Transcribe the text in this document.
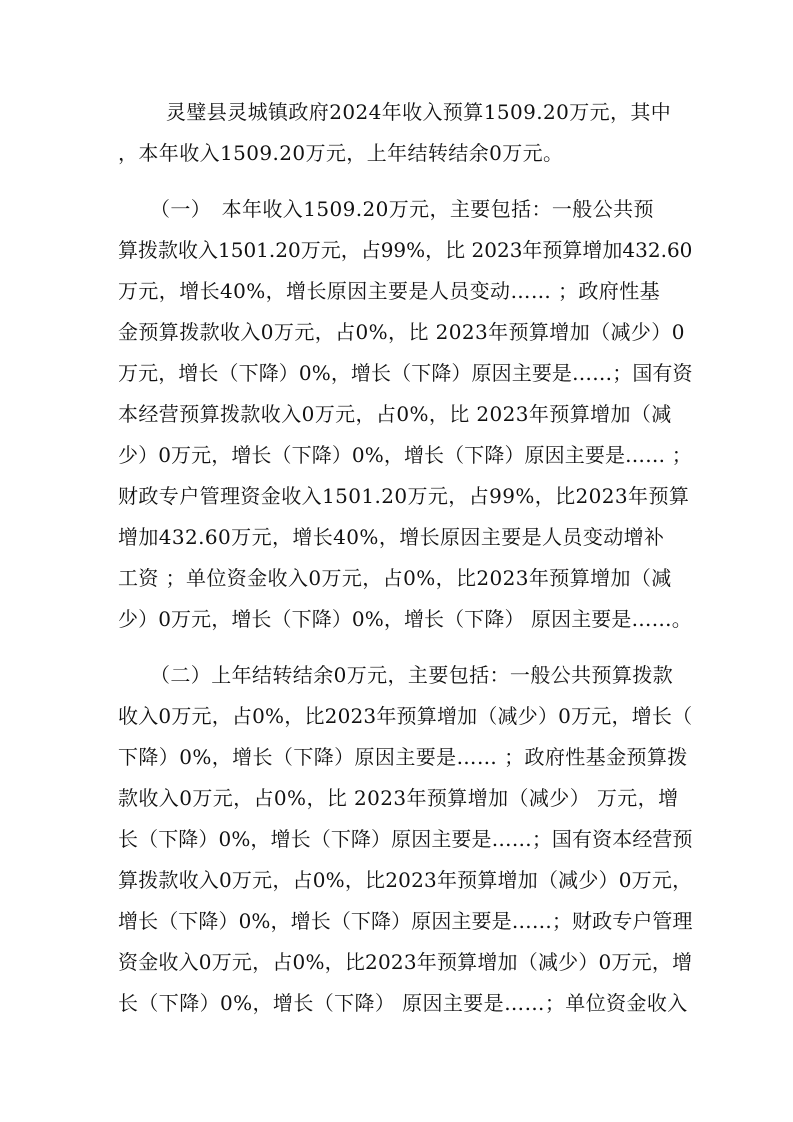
灵璧县灵城镇政府2024年收入预算1509.20万元，其中
，本年收入1509.20万元，上年结转结余0万元。
（一）　本年收入1509.20万元，主要包括：一般公共预
算拨款收入1501.20万元，占99%，比 2023年预算增加432.60
万元，增长40%，增长原因主要是人员变动…… ；政府性基
金预算拨款收入0万元，占0%，比 2023年预算增加（减少）0
万元，增长（下降）0%，增长（下降）原因主要是……；国有资
本经营预算拨款收入0万元，占0%，比 2023年预算增加（减
少）0万元，增长（下降）0%，增长（下降）原因主要是…… ；
财政专户管理资金收入1501.20万元，占99%，比2023年预算
增加432.60万元，增长40%，增长原因主要是人员变动增补
工资 ；单位资金收入0万元，占0%，比2023年预算增加（减
少）0万元，增长（下降）0%，增长（下降） 原因主要是……。
（二）上年结转结余0万元，主要包括：一般公共预算拨款
收入0万元，占0%，比2023年预算增加（减少）0万元，增长（
下降）0%，增长（下降）原因主要是…… ；政府性基金预算拨
款收入0万元，占0%，比 2023年预算增加（减少） 万元，增
长（下降）0%，增长（下降）原因主要是……；国有资本经营预
算拨款收入0万元，占0%，比2023年预算增加（减少）0万元，
增长（下降）0%，增长（下降）原因主要是……；财政专户管理
资金收入0万元，占0%，比2023年预算增加（减少）0万元，增
长（下降）0%，增长（下降） 原因主要是……；单位资金收入
